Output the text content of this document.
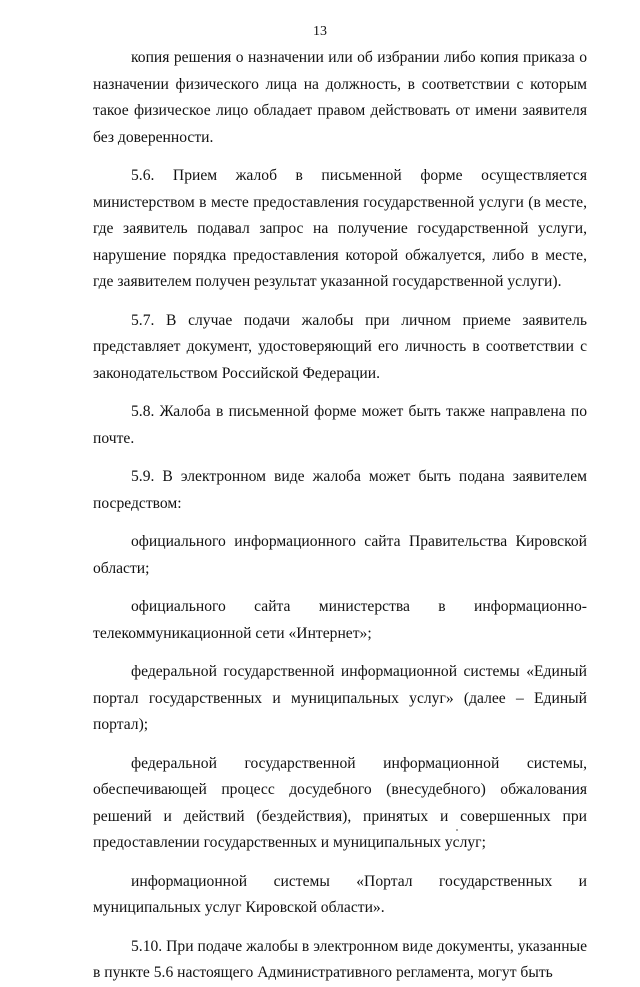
13

копия решения о назначении или об избрании либо копия приказа о назначении физического лица на должность, в соответствии с которым такое физическое лицо обладает правом действовать от имени заявителя без доверенности.

5.6. Прием жалоб в письменной форме осуществляется министерством в месте предоставления государственной услуги (в месте, где заявитель подавал запрос на получение государственной услуги, нарушение порядка предоставления которой обжалуется, либо в месте, где заявителем получен результат указанной государственной услуги).

5.7. В случае подачи жалобы при личном приеме заявитель представляет документ, удостоверяющий его личность в соответствии с законодательством Российской Федерации.

5.8. Жалоба в письменной форме может быть также направлена по почте.

5.9. В электронном виде жалоба может быть подана заявителем посредством:

официального информационного сайта Правительства Кировской области;

официального сайта министерства в информационно-телекоммуникационной сети «Интернет»;

федеральной государственной информационной системы «Единый портал государственных и муниципальных услуг» (далее – Единый портал);

федеральной государственной информационной системы, обеспечивающей процесс досудебного (внесудебного) обжалования решений и действий (бездействия), принятых и совершенных при предоставлении государственных и муниципальных услуг;

информационной системы «Портал государственных и муниципальных услуг Кировской области».

5.10. При подаче жалобы в электронном виде документы, указанные в пункте 5.6 настоящего Административного регламента, могут быть
